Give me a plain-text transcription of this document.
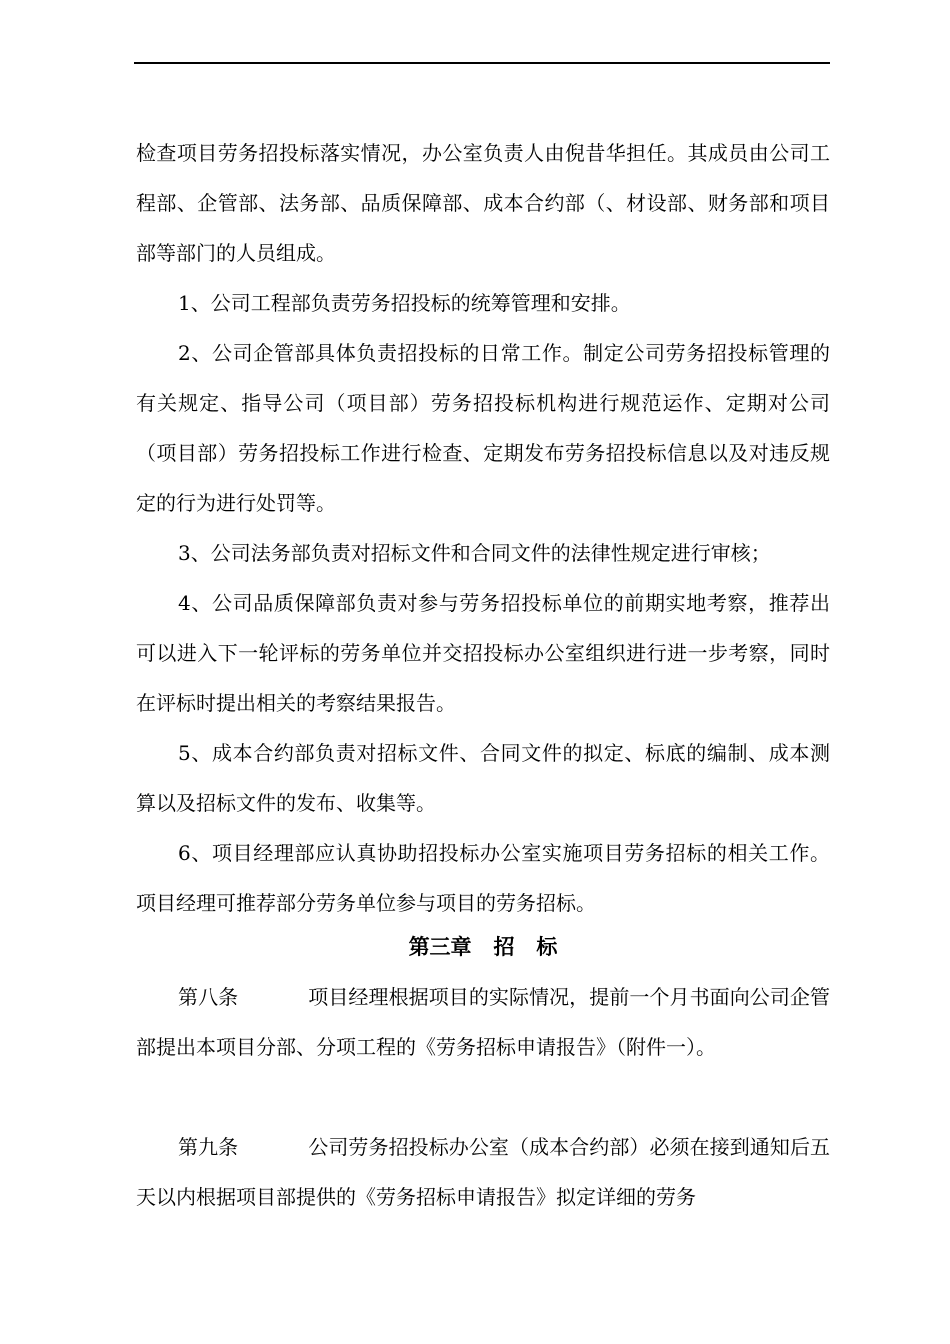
检查项目劳务招投标落实情况，办公室负责人由倪昔华担任。其成员由公司工程部、企管部、法务部、品质保障部、成本合约部（、材设部、财务部和项目部等部门的人员组成。

1、公司工程部负责劳务招投标的统筹管理和安排。

2、公司企管部具体负责招投标的日常工作。制定公司劳务招投标管理的有关规定、指导公司（项目部）劳务招投标机构进行规范运作、定期对公司（项目部）劳务招投标工作进行检查、定期发布劳务招投标信息以及对违反规定的行为进行处罚等。

3、公司法务部负责对招标文件和合同文件的法律性规定进行审核；

4、公司品质保障部负责对参与劳务招投标单位的前期实地考察，推荐出可以进入下一轮评标的劳务单位并交招投标办公室组织进行进一步考察，同时在评标时提出相关的考察结果报告。

5、成本合约部负责对招标文件、合同文件的拟定、标底的编制、成本测算以及招标文件的发布、收集等。

6、项目经理部应认真协助招投标办公室实施项目劳务招标的相关工作。项目经理可推荐部分劳务单位参与项目的劳务招标。

第三章   招   标

第八条	项目经理根据项目的实际情况，提前一个月书面向公司企管部提出本项目分部、分项工程的《劳务招标申请报告》（附件一）。

第九条	公司劳务招投标办公室（成本合约部）必须在接到通知后五天以内根据项目部提供的《劳务招标申请报告》拟定详细的劳务
